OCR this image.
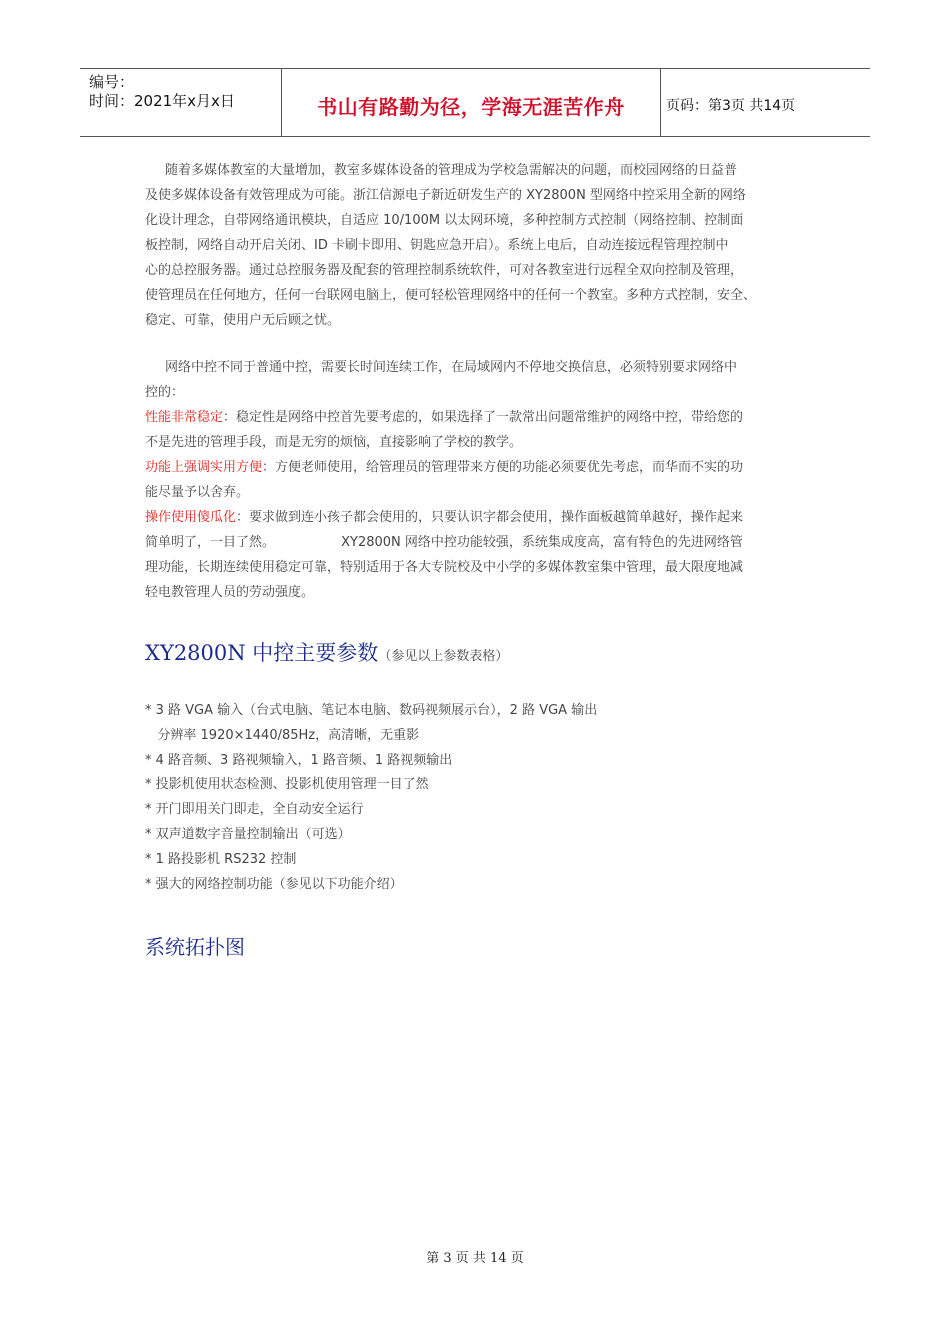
编号：
时间：2021年x月x日	书山有路勤为径，学海无涯苦作舟	页码：第3页 共14页
随着多媒体教室的大量增加，教室多媒体设备的管理成为学校急需解决的问题，而校园网络的日益普
及使多媒体设备有效管理成为可能。浙江信源电子新近研发生产的 XY2800N 型网络中控采用全新的网络
化设计理念，自带网络通讯模块，自适应 10/100M 以太网环境，多种控制方式控制（网络控制、控制面
板控制，网络自动开启关闭、ID 卡刷卡即用、钥匙应急开启）。系统上电后，自动连接远程管理控制中
心的总控服务器。通过总控服务器及配套的管理控制系统软件，可对各教室进行远程全双向控制及管理，
使管理员在任何地方，任何一台联网电脑上，便可轻松管理网络中的任何一个教室。多种方式控制，安全、
稳定、可靠，使用户无后顾之忧。
网络中控不同于普通中控，需要长时间连续工作，在局域网内不停地交换信息，必须特别要求网络中
控的：
性能非常稳定：稳定性是网络中控首先要考虑的，如果选择了一款常出问题常维护的网络中控，带给您的
不是先进的管理手段，而是无穷的烦恼，直接影响了学校的教学。
功能上强调实用方便：方便老师使用，给管理员的管理带来方便的功能必须要优先考虑，而华而不实的功
能尽量予以舍弃。
操作使用傻瓜化：要求做到连小孩子都会使用的，只要认识字都会使用，操作面板越简单越好，操作起来
简单明了，一目了然。                XY2800N 网络中控功能较强，系统集成度高，富有特色的先进网络管
理功能，长期连续使用稳定可靠，特别适用于各大专院校及中小学的多媒体教室集中管理，最大限度地减
轻电教管理人员的劳动强度。
XY2800N 中控主要参数（参见以上参数表格）
* 3 路 VGA 输入（台式电脑、笔记本电脑、数码视频展示台），2 路 VGA 输出
分辨率 1920×1440/85Hz，高清晰，无重影
* 4 路音频、3 路视频输入，1 路音频、1 路视频输出
* 投影机使用状态检测、投影机使用管理一目了然
* 开门即用关门即走，全自动安全运行
* 双声道数字音量控制输出（可选）
* 1 路投影机 RS232 控制
* 强大的网络控制功能（参见以下功能介绍）
系统拓扑图
第 3 页 共 14 页
